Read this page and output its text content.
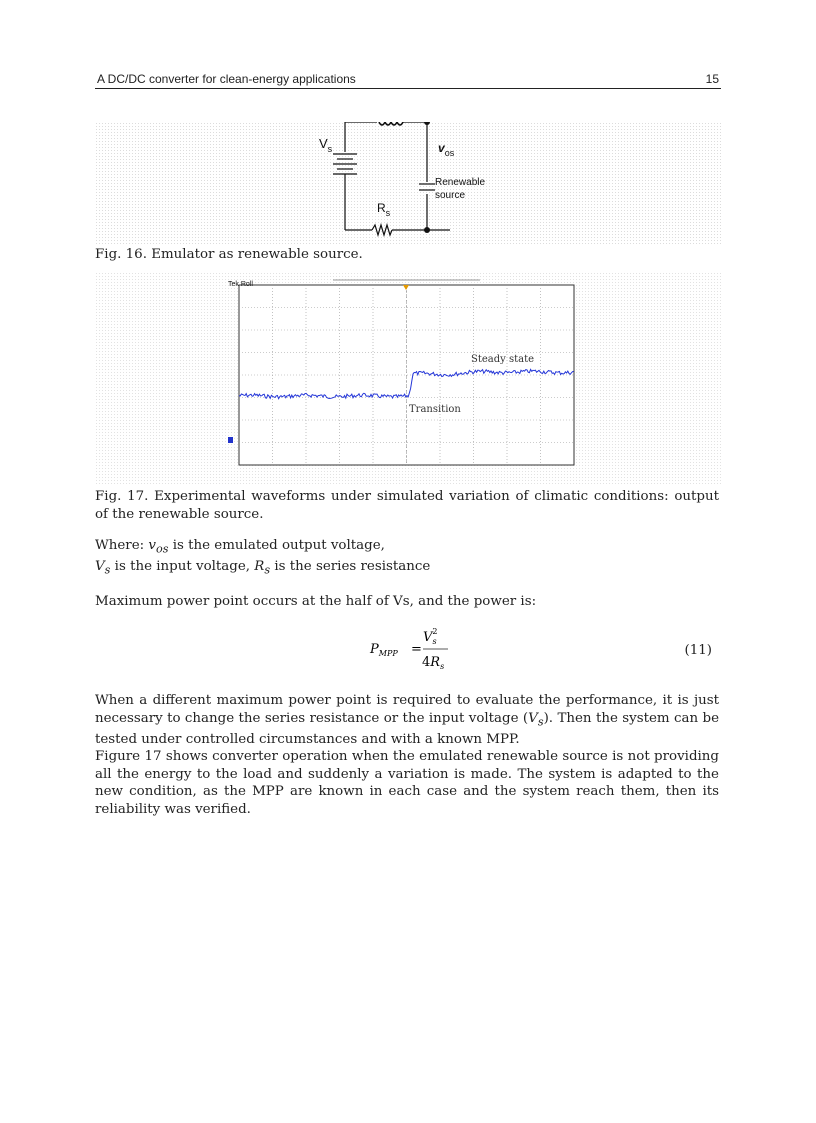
A DC/DC converter for clean-energy applications	15
$V_s$	$v_{os}$
Renewable
source
$R_s$
Fig. 16. Emulator as renewable source.
Tek Roll
Steady state
Transition
Fig. 17. Experimental waveforms under simulated variation of climatic conditions: output of the renewable source.
Where: $v_{os}$ is the emulated output voltage,
$V_s$ is the input voltage, $R_s$ is the series resistance
Maximum power point occurs at the half of Vs, and the power is:
$P_{MPP}$ =
$V^2$ s
$4R_s$
(11)

When a different maximum power point is required to evaluate the performance, it is just necessary to change the series resistance or the input voltage $(V_s)$. Then the system can be tested under controlled circumstances and with a known MPP.

Figure 17 shows converter operation when the emulated renewable source is not providing all the energy to the load and suddenly a variation is made. The system is adapted to the new condition, as the MPP are known in each case and the system reach them, then its reliability was verified.
